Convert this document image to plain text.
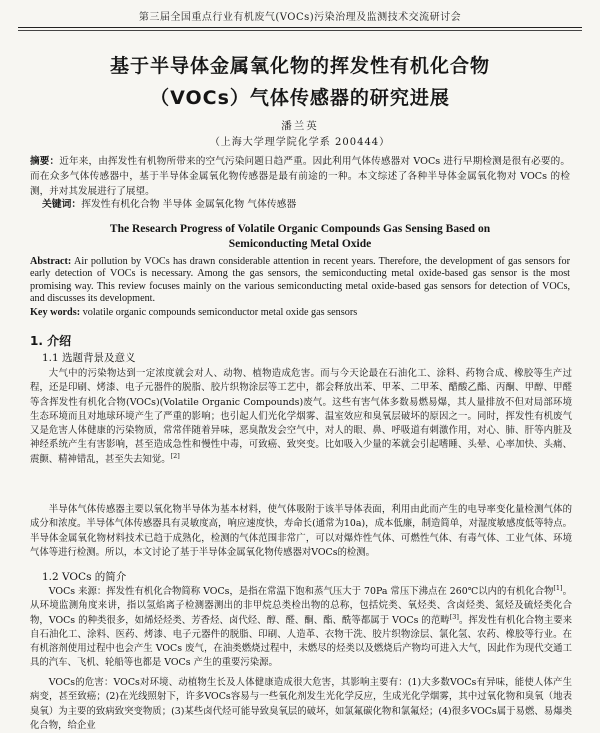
第三届全国重点行业有机废气(VOCs)污染治理及监测技术交流研讨会
基于半导体金属氧化物的挥发性有机化合物
（VOCs）气体传感器的研究进展
潘兰英
（上海大学理学院化学系 200444）
摘要：近年来，由挥发性有机物所带来的空气污染问题日趋严重。因此利用气体传感器对 VOCs 进行早期检测是很有必要的。而在众多气体传感器中，基于半导体金属氧化物传感器是最有前途的一种。本文综述了各种半导体金属氧化物对 VOCs 的检测，并对其发展进行了展望。
关键词：挥发性有机化合物 半导体 金属氧化物 气体传感器
The Research Progress of Volatile Organic Compounds Gas Sensing Based on
Semiconducting Metal Oxide
Abstract: Air pollution by VOCs has drawn considerable attention in recent years. Therefore, the development of gas sensors for early detection of VOCs is necessary. Among the gas sensors, the semiconducting metal oxide-based gas sensor is the most promising way. This review focuses mainly on the various semiconducting metal oxide-based gas sensors for detection of VOCs, and discusses its development.
Key words: volatile organic compounds semiconductor metal oxide gas sensors
1. 介绍
1.1 选题背景及意义
大气中的污染物达到一定浓度就会对人、动物、植物造成危害。而与今天论最在石油化工、涂料、药物合成、橡胶等生产过程，还是印刷、烤漆、电子元器件的脱脂、胶片织物涂层等工艺中，都会释放出苯、甲苯、二甲苯、醋酸乙酯、丙酮、甲醇、甲醛等含挥发性有机化合物(VOCs)(Volatile Organic Compounds)废气。这些有害气体多数易燃易爆，其人量排放不但对局部环境生态环境而且对地球环境产生了严重的影响；也引起人们光化学烟雾、温室效应和臭氧层破坏的原因之一。同时，挥发性有机废气又是危害人体健康的污染物质，常常伴随着异味，恶臭散发会空气中，对人的眼、鼻、呼吸道有刺激作用，对心、肺、肝等内脏及神经系统产生有害影响，甚至造成急性和慢性中毒，可致癌、致突变。比如吸入少量的苯就会引起嗜睡、头晕、心率加快、头痛、震颤、精神错乱，甚至失去知觉。[2]
半导体气体传感器主要以氧化物半导体为基本材料，使气体吸附于该半导体表面，利用由此而产生的电导率变化量检测气体的成分和浓度。半导体气体传感器具有灵敏度高，响应速度快，寿命长(通常为10a)，成本低廉，制造简单，对湿度敏感度低等特点。半导体金属氧化物材料技术已趋于成熟化，检测的气体范围非常广，可以对爆炸性气体、可燃性气体、有毒气体、工业气体、环境气体等进行检测。所以，本文讨论了基于半导体金属氧化物传感器对VOCs的检测。
1.2 VOCs 的简介
VOCs 来源：挥发性有机化合物简称 VOCs，是指在常温下饱和蒸气压大于 70Pa 常压下沸点在 260℃以内的有机化合物[1]。从环境监测角度来讲，指以氢焰离子检测器测出的非甲烷总类检出物的总称，包括烷类、氧烃类、含卤烃类、氮烃及硫烃类化合物，VOCs 的种类很多，如烯烃烃类、芳香烃、卤代烃、醇、醛、酮、酯、酰等都属于 VOCs 的范畴[3]。挥发性有机化合物主要来自石油化工、涂料、医药、烤漆、电子元器件的脱脂、印刷、人造革、衣物干洗、胶片织物涂层、氯化氢、农药、橡胶等行业。在有机溶剂使用过程中也会产生 VOCs 废气，在油类燃烧过程中，未燃尽的烃类以及燃烧后产物均可进入大气，因此作为现代交通工具的汽车、飞机、轮船等也都是 VOCs 产生的重要污染源。
VOCs的危害：VOCs对环境、动植物生长及人体健康造成很大危害，其影响主要有：(1)大多数VOCs有异味，能使人体产生病变，甚至致癌；(2)在光线照射下，许多VOCs容易与一些氧化剂发生光化学反应，生成光化学烟雾，其中过氧化物和臭氧（地表臭氧）为主要的致病致突变物质；(3)某些卤代烃可能导致臭氧层的破坏，如氯氟碳化物和氯氟烃；(4)很多VOCs属于易燃、易爆类化合物，给企业
